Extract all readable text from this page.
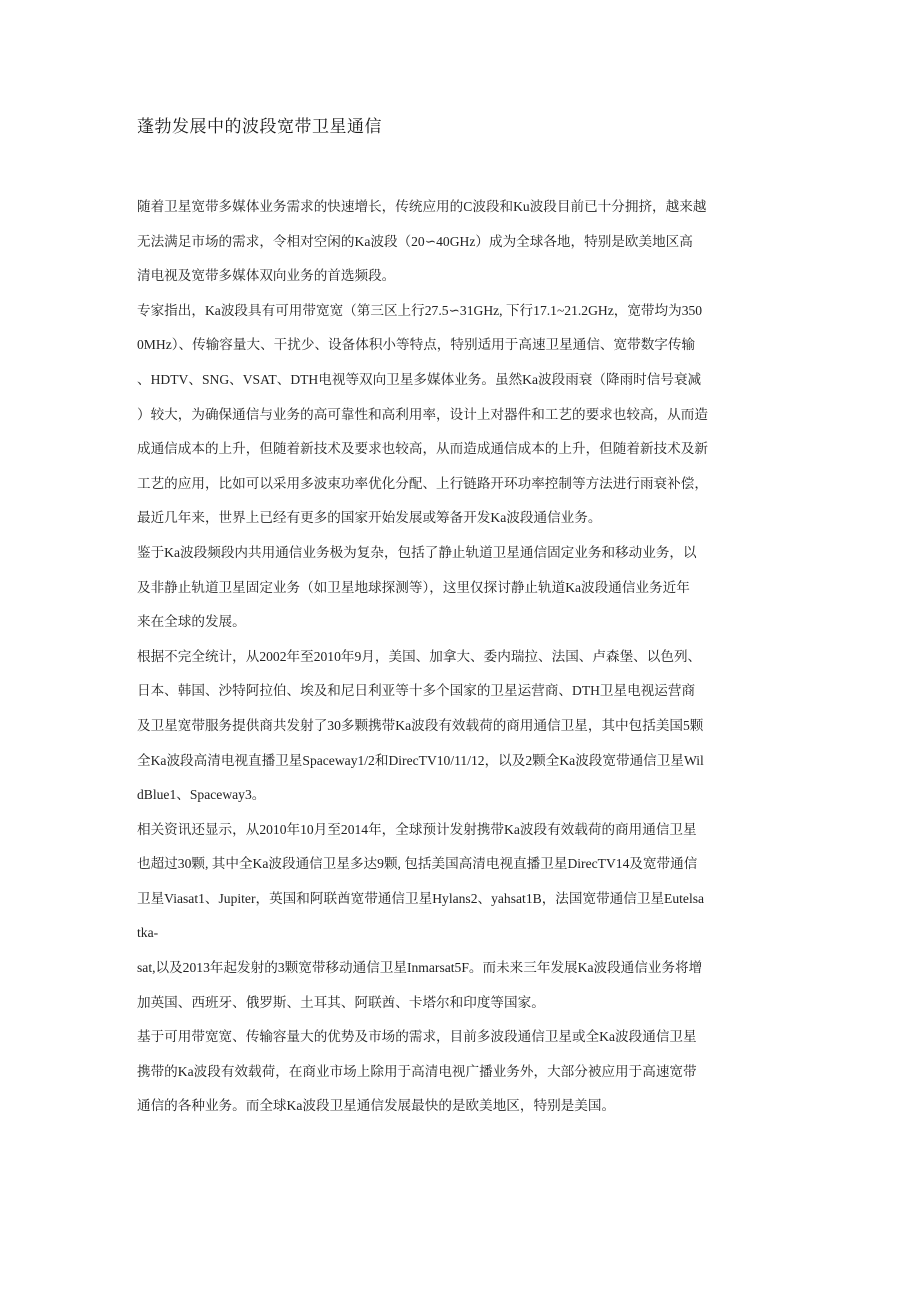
蓬勃发展中的波段宽带卫星通信
随着卫星宽带多媒体业务需求的快速增长，传统应用的C波段和Ku波段目前已十分拥挤，越来越
无法满足市场的需求，令相对空闲的Ka波段（20∽40GHz）成为全球各地，特别是欧美地区高
清电视及宽带多媒体双向业务的首选频段。
专家指出，Ka波段具有可用带宽宽（第三区上行27.5∽31GHz, 下行17.1~21.2GHz，宽带均为350
0MHz）、传输容量大、干扰少、设备体积小等特点，特别适用于高速卫星通信、宽带数字传输
、HDTV、SNG、VSAT、DTH电视等双向卫星多媒体业务。虽然Ka波段雨衰（降雨时信号衰减
）较大，为确保通信与业务的高可靠性和高利用率，设计上对器件和工艺的要求也较高，从而造
成通信成本的上升，但随着新技术及要求也较高，从而造成通信成本的上升，但随着新技术及新
工艺的应用，比如可以采用多波束功率优化分配、上行链路开环功率控制等方法进行雨衰补偿，
最近几年来，世界上已经有更多的国家开始发展或筹备开发Ka波段通信业务。
鉴于Ka波段频段内共用通信业务极为复杂，包括了静止轨道卫星通信固定业务和移动业务，以
及非静止轨道卫星固定业务（如卫星地球探测等），这里仅探讨静止轨道Ka波段通信业务近年
来在全球的发展。
根据不完全统计，从2002年至2010年9月，美国、加拿大、委内瑞拉、法国、卢森堡、以色列、
日本、韩国、沙特阿拉伯、埃及和尼日利亚等十多个国家的卫星运营商、DTH卫星电视运营商
及卫星宽带服务提供商共发射了30多颗携带Ka波段有效载荷的商用通信卫星，其中包括美国5颗
全Ka波段高清电视直播卫星Spaceway1/2和DirecTV10/11/12，以及2颗全Ka波段宽带通信卫星Wil
dBlue1、Spaceway3。
相关资讯还显示，从2010年10月至2014年，全球预计发射携带Ka波段有效载荷的商用通信卫星
也超过30颗, 其中全Ka波段通信卫星多达9颗, 包括美国高清电视直播卫星DirecTV14及宽带通信
卫星Viasat1、Jupiter，英国和阿联酋宽带通信卫星Hylans2、yahsat1B，法国宽带通信卫星Eutelsa
tka-
sat,以及2013年起发射的3颗宽带移动通信卫星Inmarsat5F。而未来三年发展Ka波段通信业务将增
加英国、西班牙、俄罗斯、土耳其、阿联酋、卡塔尔和印度等国家。
基于可用带宽宽、传输容量大的优势及市场的需求，目前多波段通信卫星或全Ka波段通信卫星
携带的Ka波段有效载荷，在商业市场上除用于高清电视广播业务外，大部分被应用于高速宽带
通信的各种业务。而全球Ka波段卫星通信发展最快的是欧美地区，特别是美国。
